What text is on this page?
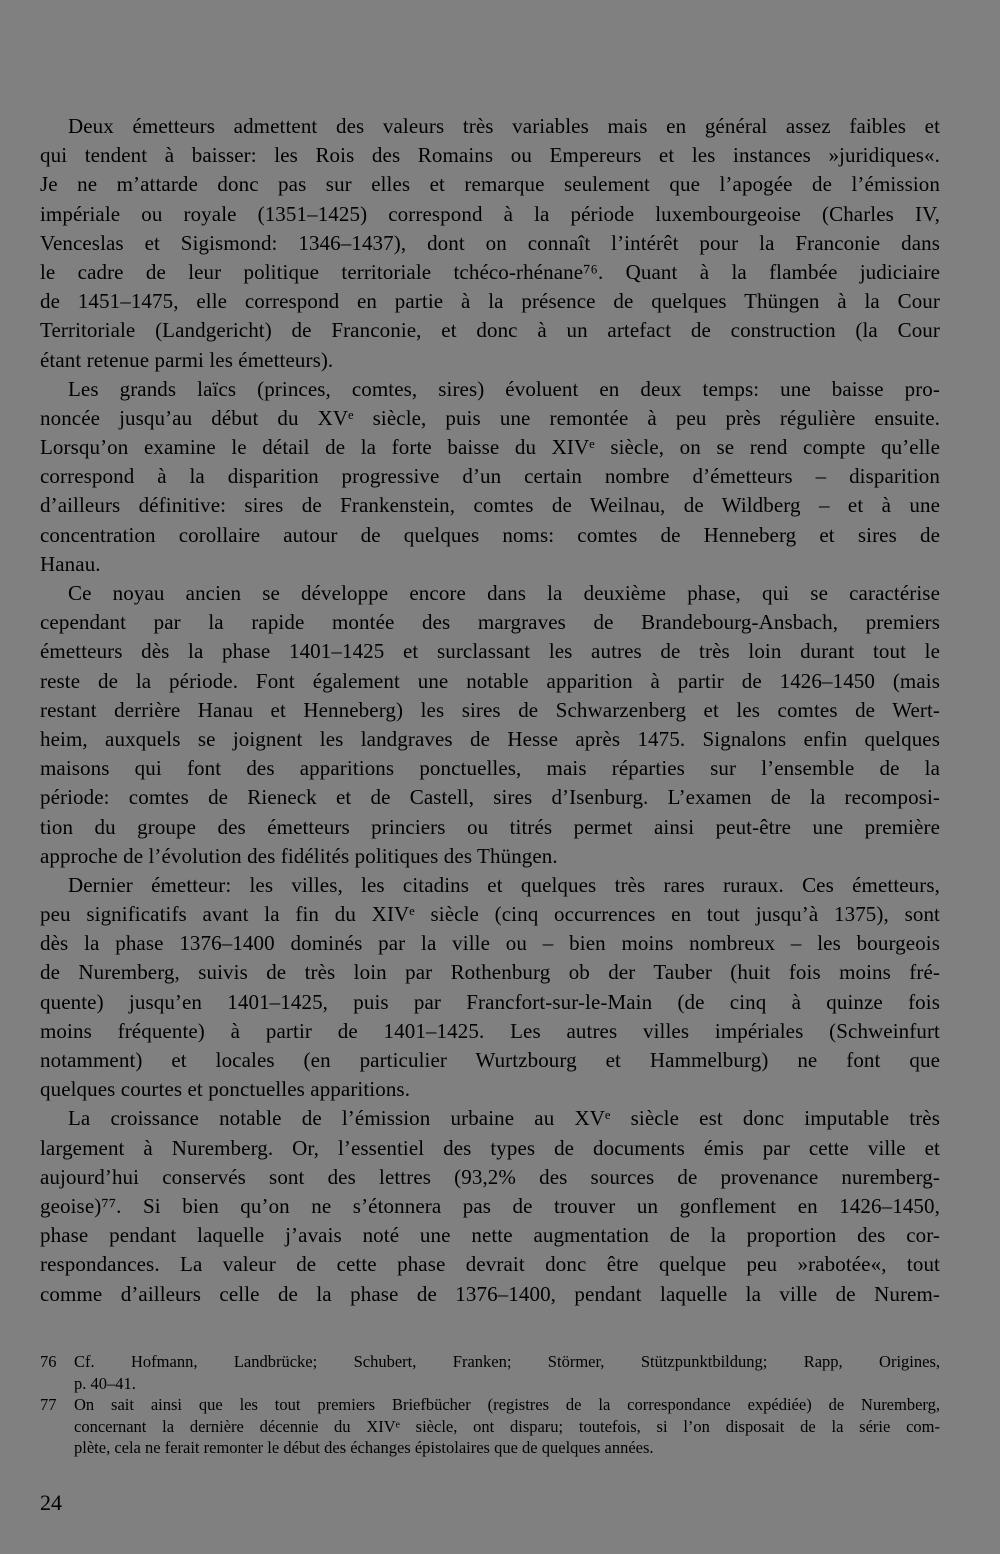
Deux émetteurs admettent des valeurs très variables mais en général assez faibles et
qui tendent à baisser: les Rois des Romains ou Empereurs et les instances »juridiques«.
Je ne m’attarde donc pas sur elles et remarque seulement que l’apogée de l’émission
impériale ou royale (1351–1425) correspond à la période luxembourgeoise (Charles IV,
Venceslas et Sigismond: 1346–1437), dont on connaît l’intérêt pour la Franconie dans
le cadre de leur politique territoriale tchéco-rhénane⁷⁶. Quant à la flambée judiciaire
de 1451–1475, elle correspond en partie à la présence de quelques Thüngen à la Cour
Territoriale (Landgericht) de Franconie, et donc à un artefact de construction (la Cour
étant retenue parmi les émetteurs).

Les grands laïcs (princes, comtes, sires) évoluent en deux temps: une baisse pro-
noncée jusqu’au début du XVᵉ siècle, puis une remontée à peu près régulière ensuite.
Lorsqu’on examine le détail de la forte baisse du XIVᵉ siècle, on se rend compte qu’elle
correspond à la disparition progressive d’un certain nombre d’émetteurs – disparition
d’ailleurs définitive: sires de Frankenstein, comtes de Weilnau, de Wildberg – et à une
concentration corollaire autour de quelques noms: comtes de Henneberg et sires de
Hanau.

Ce noyau ancien se développe encore dans la deuxième phase, qui se caractérise
cependant par la rapide montée des margraves de Brandebourg-Ansbach, premiers
émetteurs dès la phase 1401–1425 et surclassant les autres de très loin durant tout le
reste de la période. Font également une notable apparition à partir de 1426–1450 (mais
restant derrière Hanau et Henneberg) les sires de Schwarzenberg et les comtes de Wert-
heim, auxquels se joignent les landgraves de Hesse après 1475. Signalons enfin quelques
maisons qui font des apparitions ponctuelles, mais réparties sur l’ensemble de la
période: comtes de Rieneck et de Castell, sires d’Isenburg. L’examen de la recomposi-
tion du groupe des émetteurs princiers ou titrés permet ainsi peut-être une première
approche de l’évolution des fidélités politiques des Thüngen.

Dernier émetteur: les villes, les citadins et quelques très rares ruraux. Ces émetteurs,
peu significatifs avant la fin du XIVᵉ siècle (cinq occurrences en tout jusqu’à 1375), sont
dès la phase 1376–1400 dominés par la ville ou – bien moins nombreux – les bourgeois
de Nuremberg, suivis de très loin par Rothenburg ob der Tauber (huit fois moins fré-
quente) jusqu’en 1401–1425, puis par Francfort-sur-le-Main (de cinq à quinze fois
moins fréquente) à partir de 1401–1425. Les autres villes impériales (Schweinfurt
notamment) et locales (en particulier Wurtzbourg et Hammelburg) ne font que
quelques courtes et ponctuelles apparitions.

La croissance notable de l’émission urbaine au XVᵉ siècle est donc imputable très
largement à Nuremberg. Or, l’essentiel des types de documents émis par cette ville et
aujourd’hui conservés sont des lettres (93,2% des sources de provenance nuremberg-
geoise)⁷⁷. Si bien qu’on ne s’étonnera pas de trouver un gonflement en 1426–1450,
phase pendant laquelle j’avais noté une nette augmentation de la proportion des cor-
respondances. La valeur de cette phase devrait donc être quelque peu »rabotée«, tout
comme d’ailleurs celle de la phase de 1376–1400, pendant laquelle la ville de Nurem-

76	Cf. Hofmann, Landbrücke; Schubert, Franken; Störmer, Stützpunktbildung; Rapp, Origines,
p. 40–41.
77	On sait ainsi que les tout premiers Briefbücher (registres de la correspondance expédiée) de Nuremberg,
concernant la dernière décennie du XIVᵉ siècle, ont disparu; toutefois, si l’on disposait de la série com-
plète, cela ne ferait remonter le début des échanges épistolaires que de quelques années.
24
